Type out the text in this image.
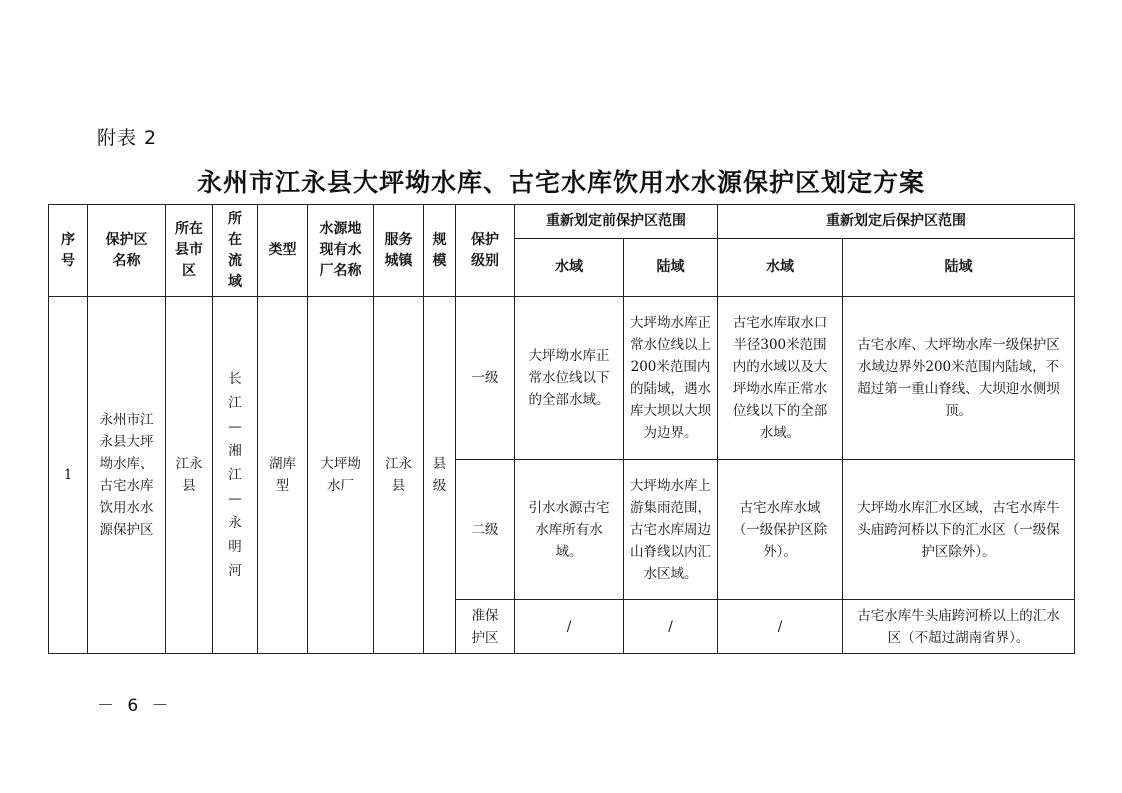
附表 2
永州市江永县大坪坳水库、古宅水库饮用水水源保护区划定方案
序号	保护区名称	所在县市区	所在流域	类型	水源地现有水厂名称	服务城镇	规模	保护级别	重新划定前保护区范围		重新划定后保护区范围	
									水域	陆域	水域	陆域
1	永州市江永县大坪坳水库、古宅水库饮用水水源保护区	江永县	长江—湘江—永明河	湖库型	大坪坳水厂	江永县	县级	一级	大坪坳水库正常水位线以下的全部水域。	大坪坳水库正常水位线以上200米范围内的陆域，遇水库大坝以大坝为边界。	古宅水库取水口半径300米范围内的水域以及大坪坳水库正常水位线以下的全部水域。	古宅水库、大坪坳水库一级保护区水域边界外200米范围内陆域，不超过第一重山脊线、大坝迎水侧坝顶。

								二级	引水水源古宅水库所有水域。	大坪坳水库上游集雨范围，古宅水库周边山脊线以内汇水区域。	古宅水库水域（一级保护区除外）。	大坪坳水库汇水区域，古宅水库牛头庙跨河桥以下的汇水区（一级保护区除外）。

								准保护区	/	/	/	古宅水库牛头庙跨河桥以上的汇水区（不超过湖南省界）。
－ 6 －
